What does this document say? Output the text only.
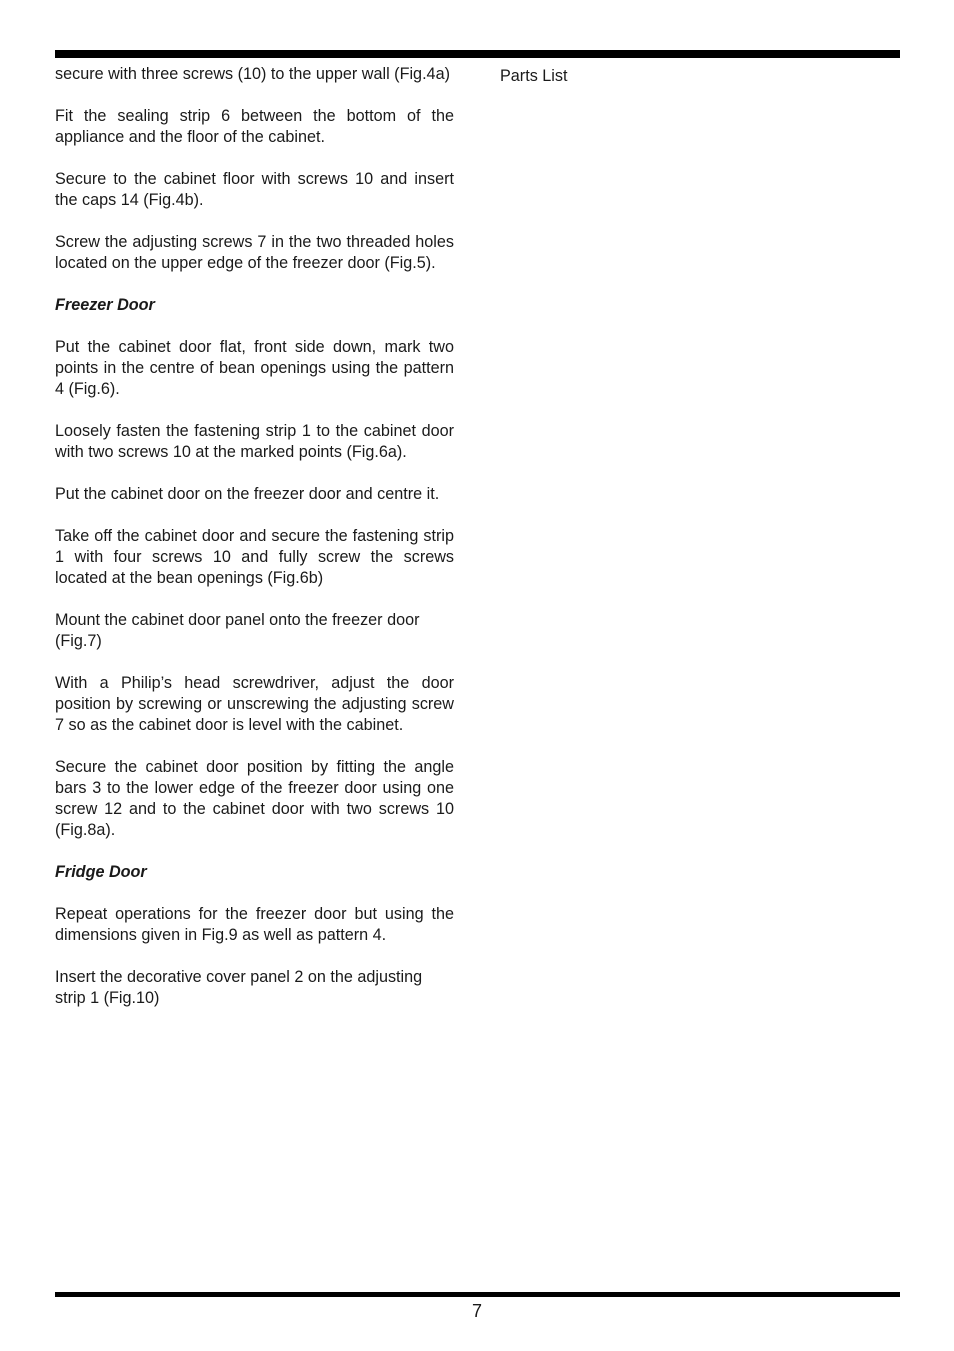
secure with three screws (10) to the upper wall (Fig.4a)

Fit the sealing strip 6 between the bottom of the appliance and the floor of the cabinet.

Secure to the cabinet floor with screws 10 and insert the caps 14 (Fig.4b).

Screw the adjusting screws 7 in the two threaded holes located on the upper edge of the freezer door (Fig.5).

Freezer Door

Put the cabinet door flat, front side down, mark two points in the centre of bean openings using the pattern 4 (Fig.6).

Loosely fasten the fastening strip 1 to the cabinet door with two screws 10 at the marked points (Fig.6a).

Put the cabinet door on the freezer door and centre it.

Take off the cabinet door and secure the fastening strip 1 with four screws 10 and fully screw the screws located at the bean openings (Fig.6b)

Mount the cabinet door panel onto the freezer door (Fig.7)

With a Philip’s head screwdriver, adjust the door position by screwing or unscrewing the adjusting screw 7 so as the cabinet door is level with the cabinet.

Secure the cabinet door position by fitting the angle bars 3 to the lower edge of the freezer door using one screw 12 and to the cabinet door with two screws 10 (Fig.8a).

Fridge Door

Repeat operations for the freezer door but using the dimensions given in Fig.9 as well as pattern 4.

Insert the decorative cover panel 2 on the adjusting strip 1 (Fig.10)

Parts List

7
